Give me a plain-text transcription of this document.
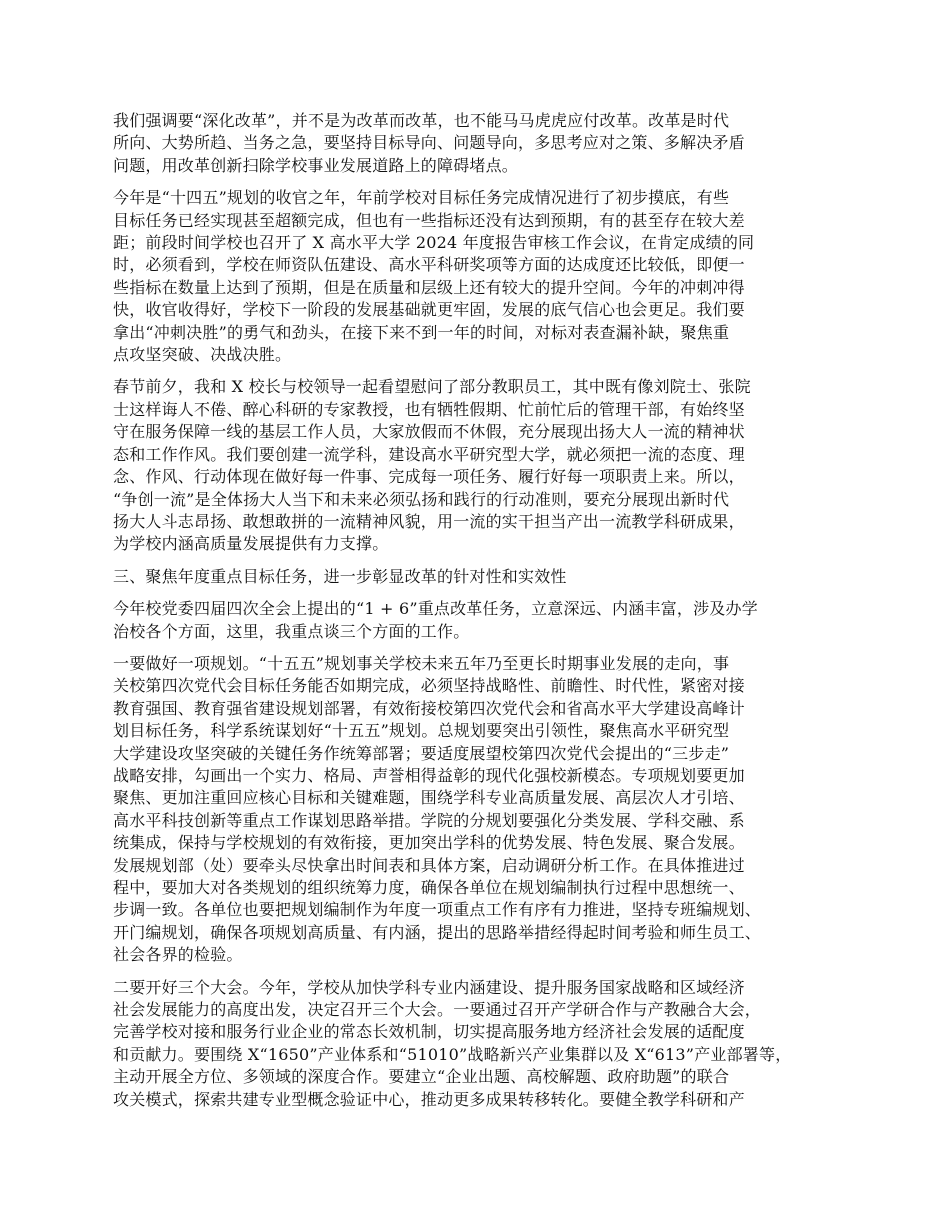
我们强调要“深化改革”，并不是为改革而改革，也不能马马虎虎应付改革。改革是时代
所向、大势所趋、当务之急，要坚持目标导向、问题导向，多思考应对之策、多解决矛盾
问题，用改革创新扫除学校事业发展道路上的障碍堵点。
今年是“十四五”规划的收官之年，年前学校对目标任务完成情况进行了初步摸底，有些
目标任务已经实现甚至超额完成，但也有一些指标还没有达到预期，有的甚至存在较大差
距；前段时间学校也召开了 X 高水平大学 2024 年度报告审核工作会议，在肯定成绩的同
时，必须看到，学校在师资队伍建设、高水平科研奖项等方面的达成度还比较低，即便一
些指标在数量上达到了预期，但是在质量和层级上还有较大的提升空间。今年的冲刺冲得
快，收官收得好，学校下一阶段的发展基础就更牢固，发展的底气信心也会更足。我们要
拿出“冲刺决胜”的勇气和劲头，在接下来不到一年的时间，对标对表查漏补缺，聚焦重
点攻坚突破、决战决胜。
春节前夕，我和 X 校长与校领导一起看望慰问了部分教职员工，其中既有像刘院士、张院
士这样诲人不倦、醉心科研的专家教授，也有牺牲假期、忙前忙后的管理干部，有始终坚
守在服务保障一线的基层工作人员，大家放假而不休假，充分展现出扬大人一流的精神状
态和工作作风。我们要创建一流学科，建设高水平研究型大学，就必须把一流的态度、理
念、作风、行动体现在做好每一件事、完成每一项任务、履行好每一项职责上来。所以，
“争创一流”是全体扬大人当下和未来必须弘扬和践行的行动准则，要充分展现出新时代
扬大人斗志昂扬、敢想敢拼的一流精神风貌，用一流的实干担当产出一流教学科研成果，
为学校内涵高质量发展提供有力支撑。
三、聚焦年度重点目标任务，进一步彰显改革的针对性和实效性
今年校党委四届四次全会上提出的“1 + 6”重点改革任务，立意深远、内涵丰富，涉及办学
治校各个方面，这里，我重点谈三个方面的工作。
一要做好一项规划。“十五五”规划事关学校未来五年乃至更长时期事业发展的走向，事
关校第四次党代会目标任务能否如期完成，必须坚持战略性、前瞻性、时代性，紧密对接
教育强国、教育强省建设规划部署，有效衔接校第四次党代会和省高水平大学建设高峰计
划目标任务，科学系统谋划好“十五五”规划。总规划要突出引领性，聚焦高水平研究型
大学建设攻坚突破的关键任务作统筹部署；要适度展望校第四次党代会提出的“三步走”
战略安排，勾画出一个实力、格局、声誉相得益彰的现代化强校新模态。专项规划要更加
聚焦、更加注重回应核心目标和关键难题，围绕学科专业高质量发展、高层次人才引培、
高水平科技创新等重点工作谋划思路举措。学院的分规划要强化分类发展、学科交融、系
统集成，保持与学校规划的有效衔接，更加突出学科的优势发展、特色发展、聚合发展。
发展规划部（处）要牵头尽快拿出时间表和具体方案，启动调研分析工作。在具体推进过
程中，要加大对各类规划的组织统筹力度，确保各单位在规划编制执行过程中思想统一、
步调一致。各单位也要把规划编制作为年度一项重点工作有序有力推进，坚持专班编规划、
开门编规划，确保各项规划高质量、有内涵，提出的思路举措经得起时间考验和师生员工、
社会各界的检验。
二要开好三个大会。今年，学校从加快学科专业内涵建设、提升服务国家战略和区域经济
社会发展能力的高度出发，决定召开三个大会。一要通过召开产学研合作与产教融合大会，
完善学校对接和服务行业企业的常态长效机制，切实提高服务地方经济社会发展的适配度
和贡献力。要围绕 X“1650”产业体系和“51010”战略新兴产业集群以及 X“613”产业部署等，
主动开展全方位、多领域的深度合作。要建立“企业出题、高校解题、政府助题”的联合
攻关模式，探索共建专业型概念验证中心，推动更多成果转移转化。要健全教学科研和产
